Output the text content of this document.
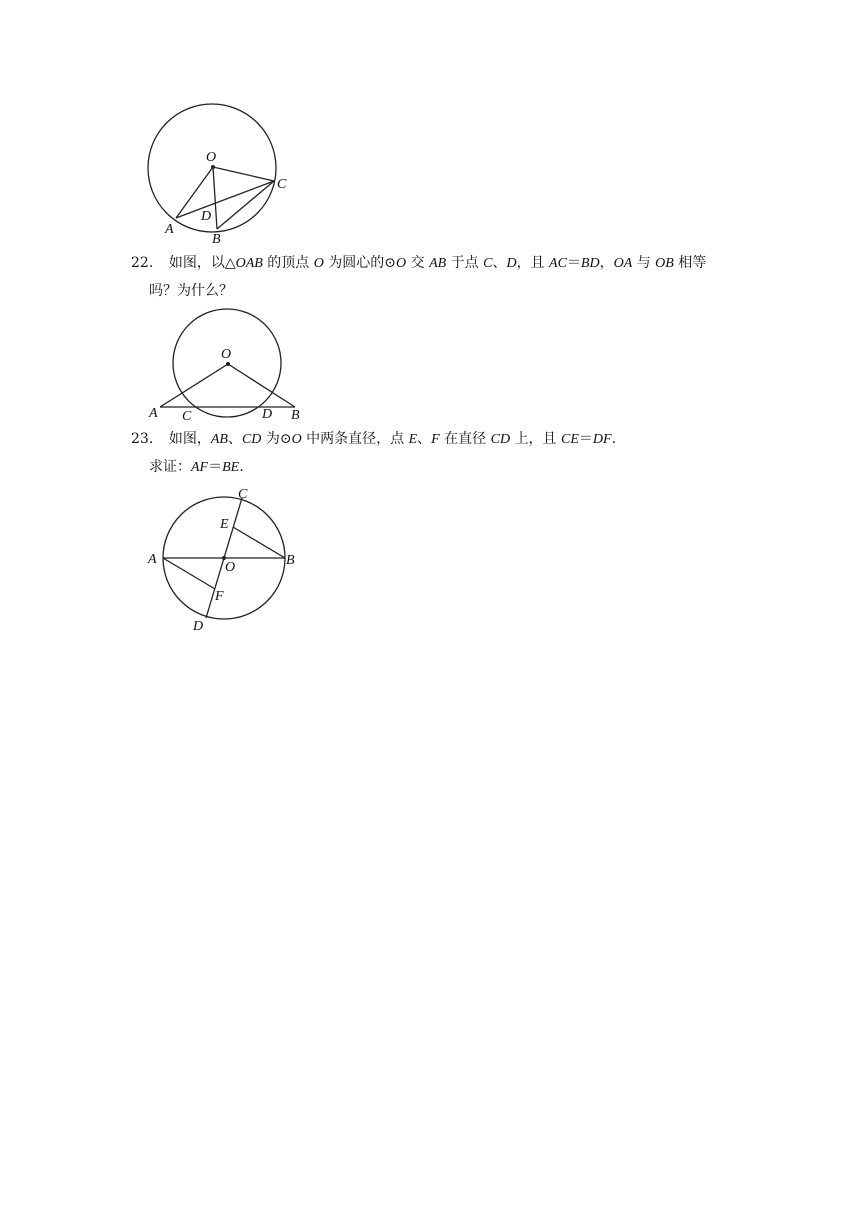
O
C
D
A
B
22． 如图，以△OAB 的顶点 O 为圆心的⊙O 交 AB 于点 C、D，且 AC＝BD，OA 与 OB 相等
吗？为什么？
O
A C	D B
23． 如图，AB、CD 为⊙O 中两条直径，点 E、F 在直径 CD 上，且 CE＝DF.
求证：AF＝BE.
C
E
A
O	B
F
D
